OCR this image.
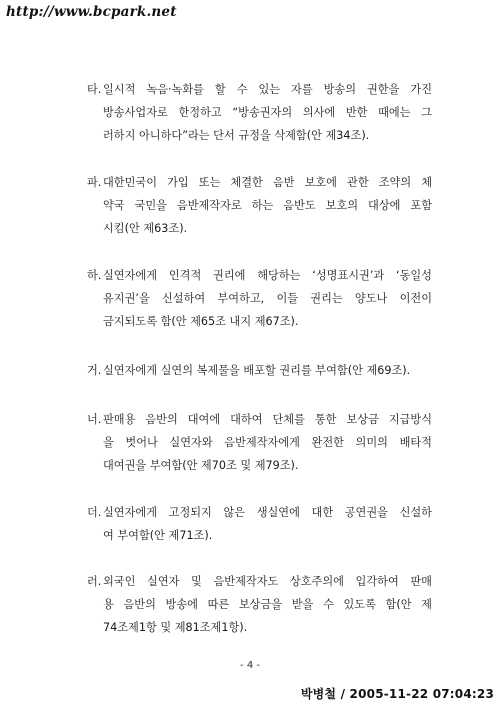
http://www.bcpark.net
타. 일시적 녹음·녹화를 할 수 있는 자를 방송의 권한을 가진
방송사업자로 한정하고 “방송권자의 의사에 반한 때에는 그
러하지 아니하다”라는 단서 규정을 삭제함(안 제34조).
파. 대한민국이 가입 또는 체결한 음반 보호에 관한 조약의 체
약국 국민을 음반제작자로 하는 음반도 보호의 대상에 포함
시킴(안 제63조).
하. 실연자에게 인격적 권리에 해당하는 ‘성명표시권’과 ‘동일성
유지권’을 신설하여 부여하고, 이들 권리는 양도나 이전이
금지되도록 함(안 제65조 내지 제67조).
거. 실연자에게 실연의 복제물을 배포할 권리를 부여함(안 제69조).
너. 판매용 음반의 대여에 대하여 단체를 통한 보상금 지급방식
을 벗어나 실연자와 음반제작자에게 완전한 의미의 배타적
대여권을 부여함(안 제70조 및 제79조).
더. 실연자에게 고정되지 않은 생실연에 대한 공연권을 신설하
여 부여함(안 제71조).
러. 외국인 실연자 및 음반제작자도 상호주의에 입각하여 판매
용 음반의 방송에 따른 보상금을 받을 수 있도록 함(안 제
74조제1항 및 제81조제1항).
- 4 -
박병철 / 2005-11-22 07:04:23
